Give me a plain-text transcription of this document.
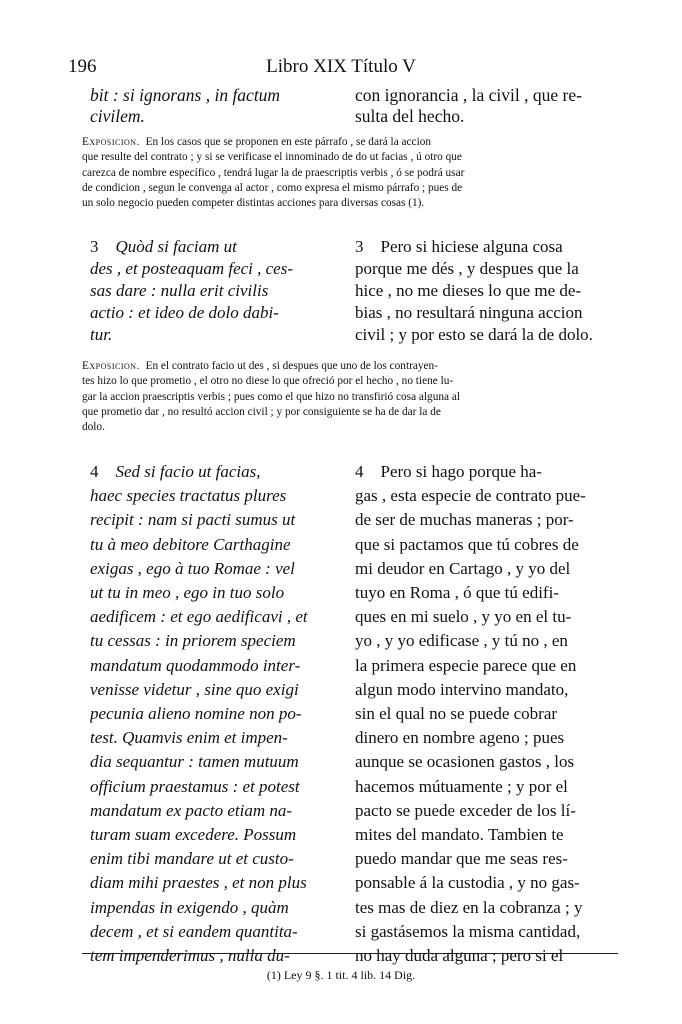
196	Libro XIX Título V
bit : si ignorans , in factum
civilem.
con ignorancia , la civil , que re-
sulta del hecho.
Exposicion. En los casos que se proponen en este párrafo , se dará la accion
que resulte del contrato ; y si se verificase el innominado de do ut facias , ú otro que
carezca de nombre específico , tendrá lugar la de praescriptis verbis , ó se podrá usar
de condicion , segun le convenga al actor , como expresa el mismo párrafo ; pues de
un solo negocio pueden competer distintas acciones para diversas cosas (1).
3 Quòd si faciam ut
des , et posteaquam feci , ces-
sas dare : nulla erit civilis
actio : et ideo de dolo dabi-
tur.
3 Pero si hiciese alguna cosa
porque me dés , y despues que la
hice , no me dieses lo que me de-
bias , no resultará ninguna accion
civil ; y por esto se dará la de dolo.
Exposicion. En el contrato facio ut des , si despues que uno de los contrayen-
tes hizo lo que prometio , el otro no diese lo que ofreció por el hecho , no tiene lu-
gar la accion praescriptis verbis ; pues como el que hizo no transfirió cosa alguna al
que prometio dar , no resultó accion civil ; y por consiguiente se ha de dar la de
dolo.
4 Sed si facio ut facias,
haec species tractatus plures
recipit : nam si pacti sumus ut
tu à meo debitore Carthagine
exigas , ego à tuo Romae : vel
ut tu in meo , ego in tuo solo
aedificem : et ego aedificavi , et
tu cessas : in priorem speciem
mandatum quodammodo inter-
venisse videtur , sine quo exigi
pecunia alieno nomine non po-
test. Quamvis enim et impen-
dia sequantur : tamen mutuum
officium praestamus : et potest
mandatum ex pacto etiam na-
turam suam excedere. Possum
enim tibi mandare ut et custo-
diam mihi praestes , et non plus
impendas in exigendo , quàm
decem , et si eandem quantita-
tem impenderimus , nulla du-
4 Pero si hago porque ha-
gas , esta especie de contrato pue-
de ser de muchas maneras ; por-
que si pactamos que tú cobres de
mi deudor en Cartago , y yo del
tuyo en Roma , ó que tú edifi-
ques en mi suelo , y yo en el tu-
yo , y yo edificase , y tú no , en
la primera especie parece que en
algun modo intervino mandato,
sin el qual no se puede cobrar
dinero en nombre ageno ; pues
aunque se ocasionen gastos , los
hacemos mútuamente ; y por el
pacto se puede exceder de los lí-
mites del mandato. Tambien te
puedo mandar que me seas res-
ponsable á la custodia , y no gas-
tes mas de diez en la cobranza ; y
si gastásemos la misma cantidad,
no hay duda alguna ; pero si el
(1) Ley 9 §. 1 tit. 4 lib. 14 Dig.
